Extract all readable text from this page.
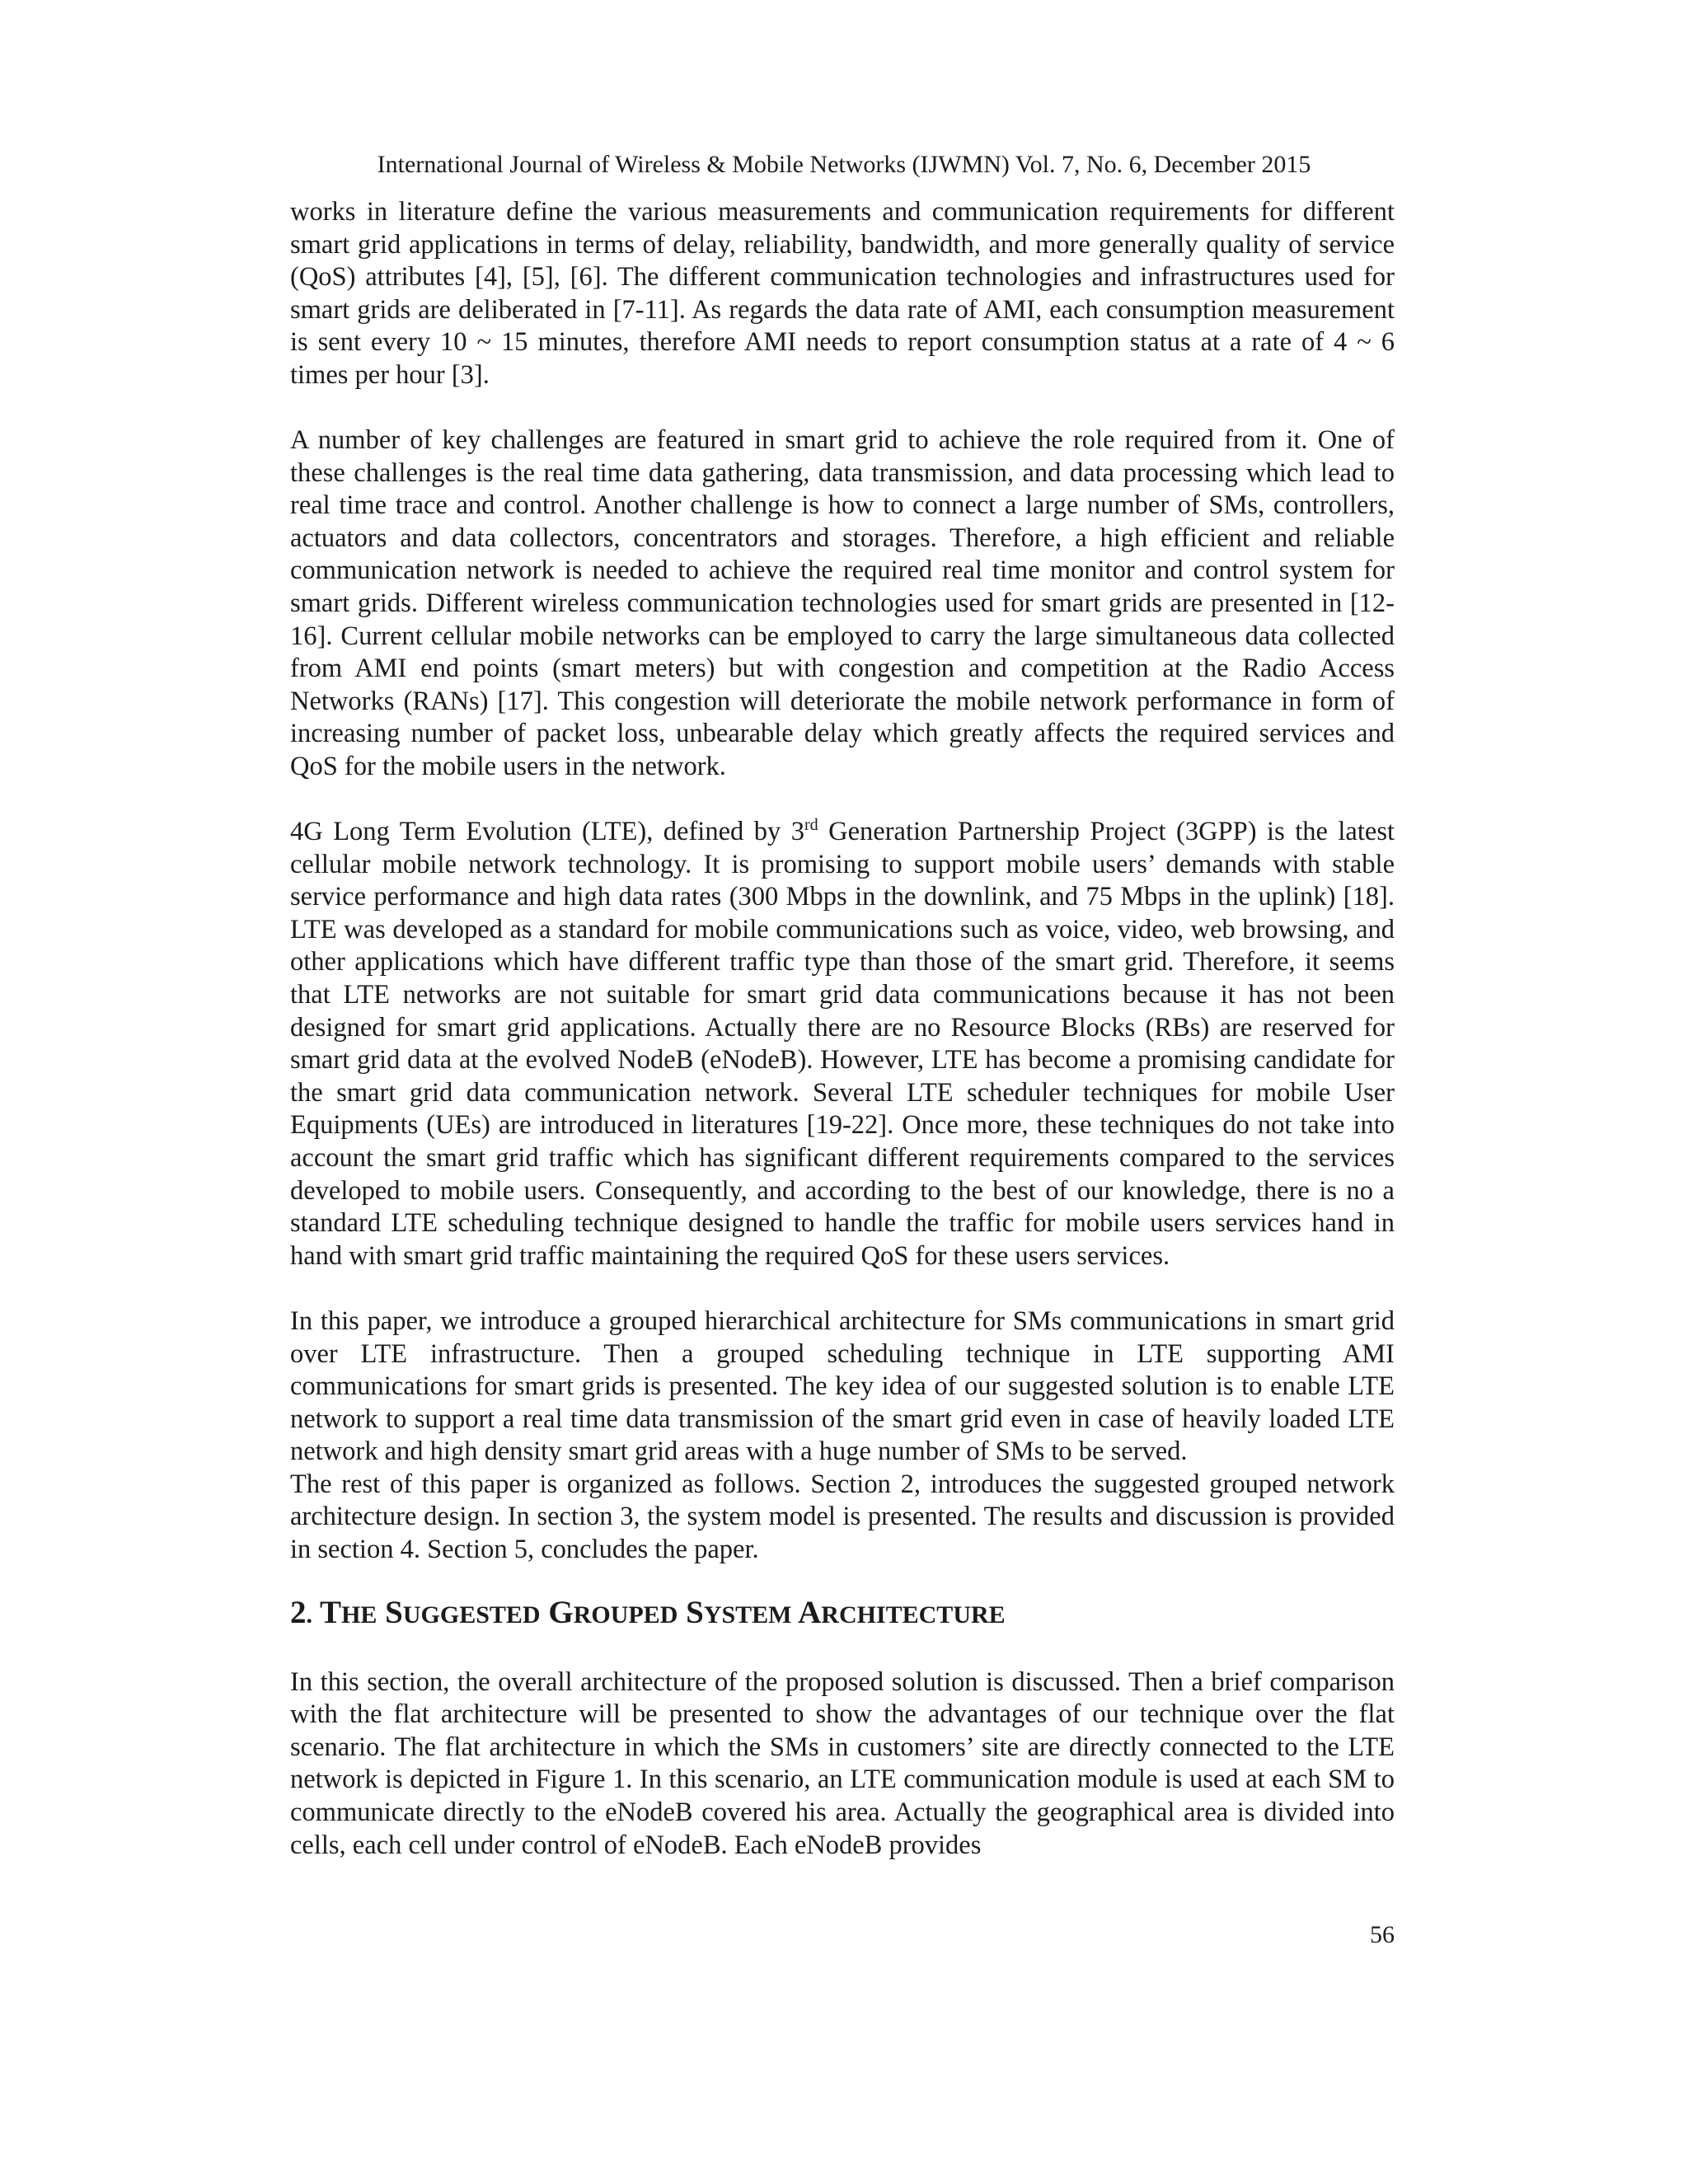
International Journal of Wireless & Mobile Networks (IJWMN) Vol. 7, No. 6, December 2015

works in literature define the various measurements and communication requirements for different smart grid applications in terms of delay, reliability, bandwidth, and more generally quality of service (QoS) attributes [4], [5], [6]. The different communication technologies and infrastructures used for smart grids are deliberated in [7-11]. As regards the data rate of AMI, each consumption measurement is sent every 10 ~ 15 minutes, therefore AMI needs to report consumption status at a rate of 4 ~ 6 times per hour [3].

A number of key challenges are featured in smart grid to achieve the role required from it. One of these challenges is the real time data gathering, data transmission, and data processing which lead to real time trace and control. Another challenge is how to connect a large number of SMs, controllers, actuators and data collectors, concentrators and storages. Therefore, a high efficient and reliable communication network is needed to achieve the required real time monitor and control system for smart grids. Different wireless communication technologies used for smart grids are presented in [12-16]. Current cellular mobile networks can be employed to carry the large simultaneous data collected from AMI end points (smart meters) but with congestion and competition at the Radio Access Networks (RANs) [17]. This congestion will deteriorate the mobile network performance in form of increasing number of packet loss, unbearable delay which greatly affects the required services and QoS for the mobile users in the network.

4G Long Term Evolution (LTE), defined by 3rd Generation Partnership Project (3GPP) is the latest cellular mobile network technology. It is promising to support mobile users’ demands with stable service performance and high data rates (300 Mbps in the downlink, and 75 Mbps in the uplink) [18]. LTE was developed as a standard for mobile communications such as voice, video, web browsing, and other applications which have different traffic type than those of the smart grid. Therefore, it seems that LTE networks are not suitable for smart grid data communications because it has not been designed for smart grid applications. Actually there are no Resource Blocks (RBs) are reserved for smart grid data at the evolved NodeB (eNodeB). However, LTE has become a promising candidate for the smart grid data communication network. Several LTE scheduler techniques for mobile User Equipments (UEs) are introduced in literatures [19-22]. Once more, these techniques do not take into account the smart grid traffic which has significant different requirements compared to the services developed to mobile users. Consequently, and according to the best of our knowledge, there is no a standard LTE scheduling technique designed to handle the traffic for mobile users services hand in hand with smart grid traffic maintaining the required QoS for these users services.

In this paper, we introduce a grouped hierarchical architecture for SMs communications in smart grid over LTE infrastructure. Then a grouped scheduling technique in LTE supporting AMI communications for smart grids is presented. The key idea of our suggested solution is to enable LTE network to support a real time data transmission of the smart grid even in case of heavily loaded LTE network and high density smart grid areas with a huge number of SMs to be served.

The rest of this paper is organized as follows. Section 2, introduces the suggested grouped network architecture design. In section 3, the system model is presented. The results and discussion is provided in section 4. Section 5, concludes the paper.

2. THE SUGGESTED GROUPED SYSTEM ARCHITECTURE

In this section, the overall architecture of the proposed solution is discussed. Then a brief comparison with the flat architecture will be presented to show the advantages of our technique over the flat scenario. The flat architecture in which the SMs in customers’ site are directly connected to the LTE network is depicted in Figure 1. In this scenario, an LTE communication module is used at each SM to communicate directly to the eNodeB covered his area. Actually the geographical area is divided into cells, each cell under control of eNodeB. Each eNodeB provides

56
